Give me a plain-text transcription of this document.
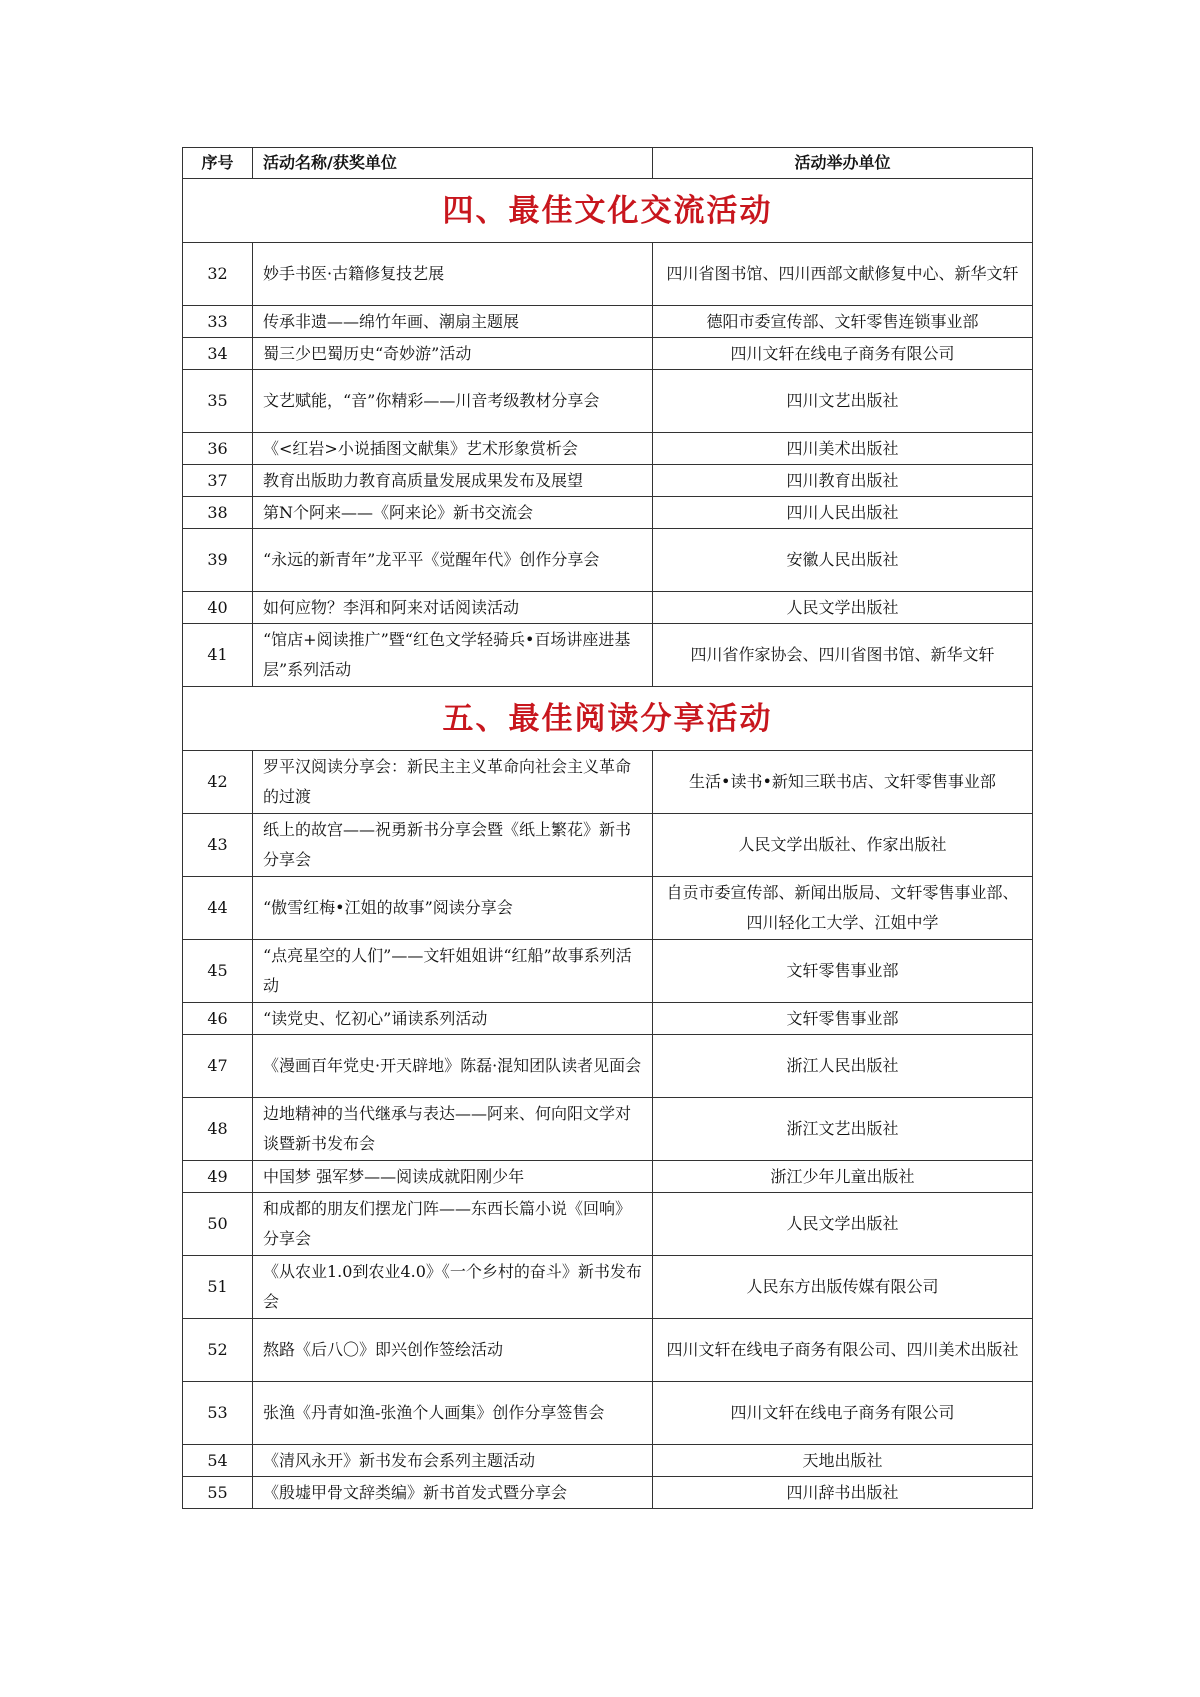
序号	活动名称/获奖单位	活动举办单位
四、最佳文化交流活动		
32	妙手书医·古籍修复技艺展	四川省图书馆、四川西部文献修复中心、新华文轩
33	传承非遗——绵竹年画、潮扇主题展	德阳市委宣传部、文轩零售连锁事业部
34	蜀三少巴蜀历史“奇妙游”活动	四川文轩在线电子商务有限公司
35	文艺赋能，“音”你精彩——川音考级教材分享会	四川文艺出版社
36	《<红岩>小说插图文献集》艺术形象赏析会	四川美术出版社
37	教育出版助力教育高质量发展成果发布及展望	四川教育出版社
38	第N个阿来——《阿来论》新书交流会	四川人民出版社
39	“永远的新青年”龙平平《觉醒年代》创作分享会	安徽人民出版社
40	如何应物？李洱和阿来对话阅读活动	人民文学出版社
41	“馆店+阅读推广”暨“红色文学轻骑兵•百场讲座进基层”系列活动	四川省作家协会、四川省图书馆、新华文轩
五、最佳阅读分享活动		
42	罗平汉阅读分享会：新民主主义革命向社会主义革命的过渡	生活•读书•新知三联书店、文轩零售事业部
43	纸上的故宫——祝勇新书分享会暨《纸上繁花》新书分享会	人民文学出版社、作家出版社
44	“傲雪红梅•江姐的故事”阅读分享会	自贡市委宣传部、新闻出版局、文轩零售事业部、四川轻化工大学、江姐中学
45	“点亮星空的人们”——文轩姐姐讲“红船”故事系列活动	文轩零售事业部
46	“读党史、忆初心”诵读系列活动	文轩零售事业部
47	《漫画百年党史·开天辟地》陈磊·混知团队读者见面会	浙江人民出版社
48	边地精神的当代继承与表达——阿来、何向阳文学对谈暨新书发布会	浙江文艺出版社
49	中国梦 强军梦——阅读成就阳刚少年	浙江少年儿童出版社
50	和成都的朋友们摆龙门阵——东西长篇小说《回响》分享会	人民文学出版社
51	《从农业1.0到农业4.0》《一个乡村的奋斗》新书发布会	人民东方出版传媒有限公司
52	熬路《后八〇》即兴创作签绘活动	四川文轩在线电子商务有限公司、四川美术出版社
53	张渔《丹青如渔-张渔个人画集》创作分享签售会	四川文轩在线电子商务有限公司
54	《清风永开》新书发布会系列主题活动	天地出版社
55	《殷墟甲骨文辞类编》新书首发式暨分享会	四川辞书出版社
